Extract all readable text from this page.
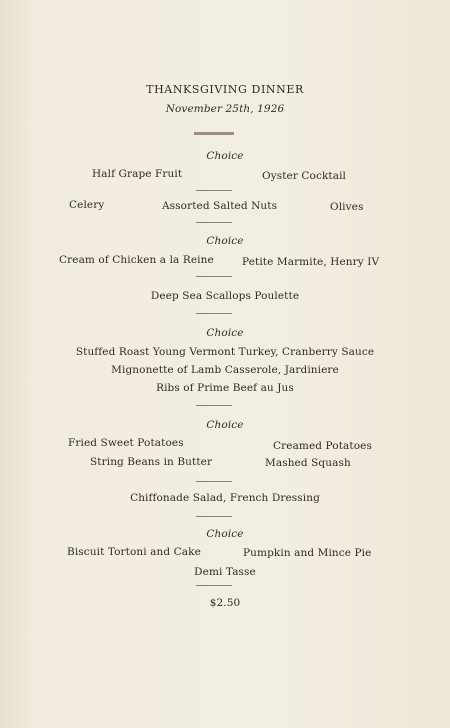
THANKSGIVING DINNER
November 25th, 1926
Choice
Half Grape Fruit	Oyster Cocktail
Celery	Assorted Salted Nuts	Olives
Choice
Cream of Chicken a la Reine	Petite Marmite, Henry IV
Deep Sea Scallops Poulette
Choice
Stuffed Roast Young Vermont Turkey, Cranberry Sauce
Mignonette of Lamb Casserole, Jardiniere
Ribs of Prime Beef au Jus
Choice
Fried Sweet Potatoes	Creamed Potatoes
String Beans in Butter	Mashed Squash
Chiffonade Salad, French Dressing
Choice
Biscuit Tortoni and Cake	Pumpkin and Mince Pie
Demi Tasse
$2.50
